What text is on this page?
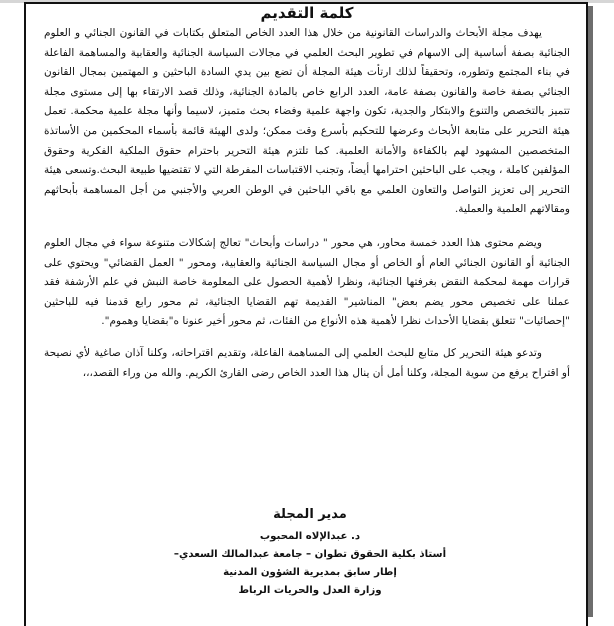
كلمة التقديم

يهدف مجلة الأبحاث والدراسات القانونية من خلال هذا العدد الخاص المتعلق بكتابات في القانون الجنائي و العلوم الجنائية بصفة أساسية إلى الاسهام في تطوير البحث العلمي في مجالات السياسة الجنائية والعقابية والمساهمة الفاعلة في بناء المجتمع وتطوره، وتحقيقاً لذلك ارتأت هيئة المجلة أن تضع بين يدي السادة الباحثين و المهتمين بمجال القانون الجنائي بصفة خاصة والقانون بصفة عامة، العدد الرابع خاص بالمادة الجنائية، وذلك قصد الارتقاء بها إلى مستوى مجلة تتميز بالتخصص والتنوع والابتكار والجدية، تكون واجهة علمية وفضاء بحث متميز، لاسيما وأنها مجلة علمية محكمة. تعمل هيئة التحرير على متابعة الأبحاث وعرضها للتحكيم بأسرع وقت ممكن؛ ولدى الهيئة قائمة بأسماء المحكمين من الأساتذة المتخصصين المشهود لهم بالكفاءة والأمانة العلمية. كما تلتزم هيئة التحرير باحترام حقوق الملكية الفكرية وحقوق المؤلفين كاملة ، ويجب على الباحثين احترامها أيضاً، وتجنب الاقتباسات المفرطة التي لا تقتضيها طبيعة البحث.وتسعى هيئة التحرير إلى تعزيز التواصل والتعاون العلمي مع باقي الباحثين في الوطن العربي والأجنبي من أجل المساهمة بأبحاثهم ومقالاتهم العلمية والعملية.

ويضم محتوى هذا العدد خمسة محاور، هي محور " دراسات وأبحاث" تعالج إشكالات متنوعة سواء في مجال العلوم الجنائية أو القانون الجنائي العام أو الخاص أو مجال السياسة الجنائية والعقابية، ومحور " العمل القضائي" ويحتوي على قرارات مهمة لمحكمة النقض بغرفتها الجنائية، ونظرا لأهمية الحصول على المعلومة خاصة النبش في علم الأرشفة فقد عملنا على تخصيص محور يضم بعض" المناشير" القديمة تهم القضايا الجنائية، ثم محور رابع قدمنا فيه للباحثين "إحصائيات" تتعلق بقضايا الأحداث نظرا لأهمية هذه الأنواع من الفئات، ثم محور أخير عنونا ه"بقضايا وهموم".

وتدعو هيئة التحرير كل متابع للبحث العلمي إلى المساهمة الفاعلة، وتقديم اقتراحاته، وكلنا آذان صاغية لأي نصيحة أو اقتراح يرفع من سوية المجلة، وكلنا أمل أن ينال هذا العدد الخاص رضى القارئ الكريم. والله من وراء القصد،،،

مدير المجلة
د. عبدالإلاه المحبوب
أستاذ بكلية الحقوق تطوان – جامعة عبدالمالك السعدي–
إطار سابق بمديرية الشؤون المدنية
وزارة العدل والحريات الرباط
